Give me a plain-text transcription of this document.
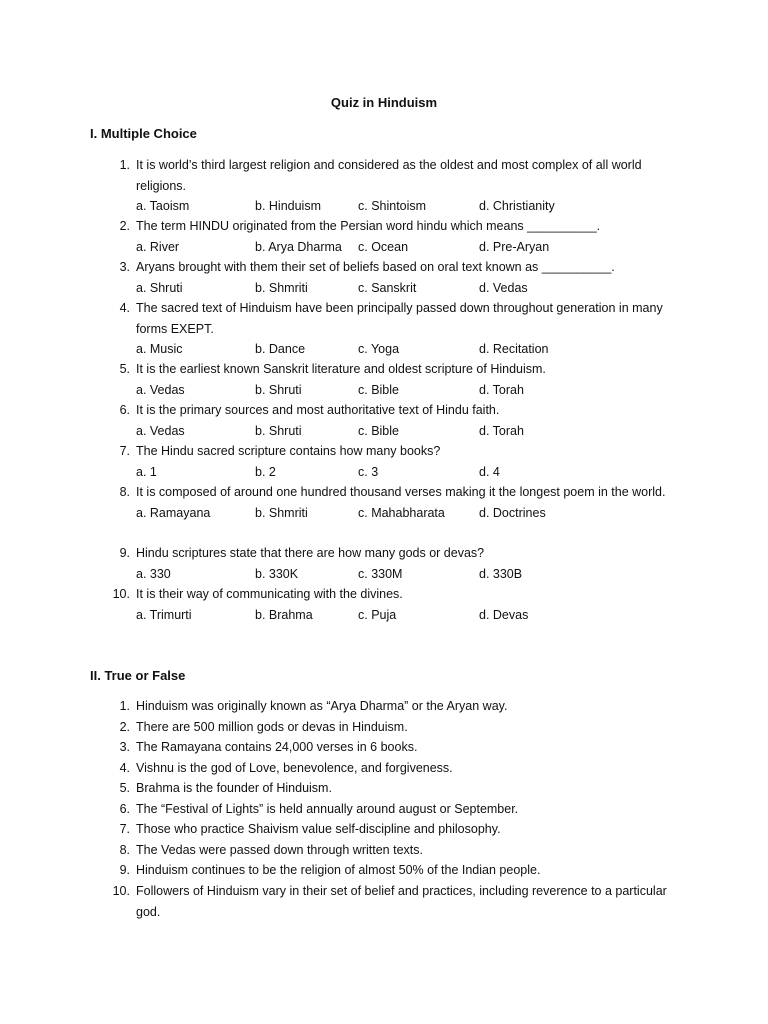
Quiz in Hinduism
I. Multiple Choice
1. It is world’s third largest religion and considered as the oldest and most complex of all world religions.
a. Taoism	b. Hinduism	c. Shintoism	d. Christianity
2. The term HINDU originated from the Persian word hindu which means __________.
a. River	b. Arya Dharma c. Ocean	d. Pre-Aryan
3. Aryans brought with them their set of beliefs based on oral text known as __________.
a. Shruti	b. Shmriti	c. Sanskrit	d. Vedas
4. The sacred text of Hinduism have been principally passed down throughout generation in many forms EXEPT.
a. Music	b. Dance	c. Yoga	d. Recitation
5. It is the earliest known Sanskrit literature and oldest scripture of Hinduism.
a. Vedas	b. Shruti	c. Bible	d. Torah
6. It is the primary sources and most authoritative text of Hindu faith.
a. Vedas	b. Shruti	c. Bible	d. Torah
7. The Hindu sacred scripture contains how many books?
a. 1	b. 2	c. 3	d. 4
8. It is composed of around one hundred thousand verses making it the longest poem in the world.
a. Ramayana	b. Shmriti	c. Mahabharata	d. Doctrines
9. Hindu scriptures state that there are how many gods or devas?
a. 330	b. 330K	c. 330M	d. 330B
10. It is their way of communicating with the divines.
a. Trimurti	b. Brahma	c. Puja	d. Devas
II. True or False
1. Hinduism was originally known as “Arya Dharma” or the Aryan way.
2. There are 500 million gods or devas in Hinduism.
3. The Ramayana contains 24,000 verses in 6 books.
4. Vishnu is the god of Love, benevolence, and forgiveness.
5. Brahma is the founder of Hinduism.
6. The “Festival of Lights” is held annually around august or September.
7. Those who practice Shaivism value self-discipline and philosophy.
8. The Vedas were passed down through written texts.
9. Hinduism continues to be the religion of almost 50% of the Indian people.
10. Followers of Hinduism vary in their set of belief and practices, including reverence to a particular god.
